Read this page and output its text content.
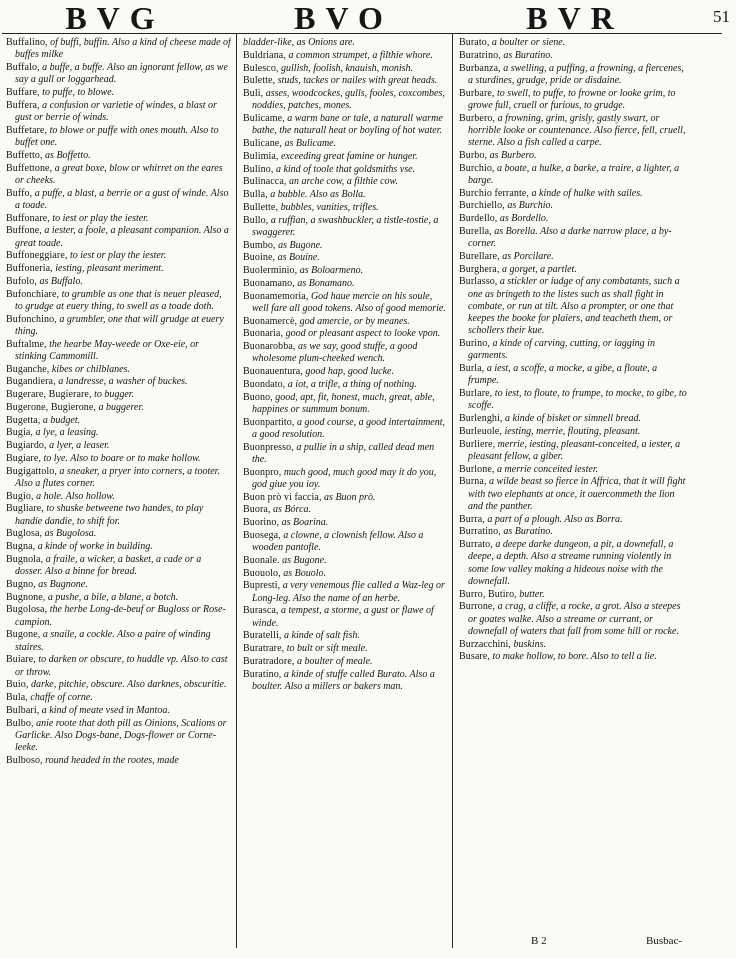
BVG	BVO	BVR	51
Buffalino, of buffi, buffin. Also a kind of cheese made of buffes milke
Buffalo, a buffe, a buffe. Also an ignorant fellow, as we say a gull or loggarhead.
Buffare, to puffe, to blowe.
Buffera, a confusion or varietie of windes, a blast or gust or berrie of winds.
Buffetare, to blowe or puffe with ones mouth. Also to buffet one.
Buffetto, as Boffetto.
Buffettone, a great boxe, blow or whirret on the eares or cheeks.
Buffo, a puffe, a blast, a berrie or a gust of winde. Also a toade.
Buffonare, to iest or play the iester.
Buffone, a iester, a foole, a pleasant companion. Also a great toade.
Buffoneggiare, to iest or play the iester.
Buffoneria, iesting, pleasant meriment.
Bufolo, as Buffalo.
Bufonchiare, to grumble as one that is neuer pleased, to grudge at euery thing, to swell as a toade doth.
Bufonchino, a grumbler, one that will grudge at euery thing.
Buftalme, the hearbe May-weede or Oxe-eie, or stinking Cammomill.
Buganche, kibes or chilblanes.
Bugandiera, a landresse, a washer of buckes.
Bugerare, Bugierare, to bugger.
Bugerone, Bugierone, a buggerer.
Bugetta, a budget.
Bugia, a lye, a leasing.
Bugiardo, a lyer, a leaser.
Bugiare, to lye. Also to boare or to make hollow.
Bugigattolo, a sneaker, a pryer into corners, a tooter. Also a flutes corner.
Bugio, a hole. Also hollow.
Bugliare, to shuske betweene two handes, to play handie dandie, to shift for.
Buglosa, as Bugolosa.
Bugna, a kinde of worke in building.
Bugnola, a fraile, a wicker, a basket, a cade or a dosser. Also a binne for bread.
Bugno, as Bugnone.
Bugnone, a pushe, a bile, a blane, a botch.
Bugolosa, the herbe Long-de-beuf or Bugloss or Rose-campion.
Bugone, a snaile, a cockle. Also a paire of winding staires.
Buiare, to darken or obscure, to huddle vp. Also to cast or throw.
Buio, darke, pitchie, obscure. Also darknes, obscuritie.
Bula, chaffe of corne.
Bulbari, a kind of meate vsed in Mantoa.
Bulbo, anie roote that doth pill as Oinions, Scalions or Garlicke. Also Dogs-bane, Dogs-flower or Corne-leeke.
Bulboso, round headed in the rootes, made
bladder-like, as Onions are.
Buldriana, a common strumpet, a filthie whore.
Bulesco, gullish, foolish, knauish, monish.
Bulette, studs, tackes or nailes with great heads.
Buli, asses, woodcockes, gulls, fooles, coxcombes, noddies, patches, mones.
Bulicame, a warm bane or tale, a naturall warme bathe, the naturall heat or boyling of hot water.
Bulicane, as Bulicame.
Bulimia, exceeding great famine or hunger.
Bulino, a kind of toole that goldsmiths vse.
Bulinacca, an arche cow, a filthie cow.
Bulla, a bubble. Also as Bolla.
Bullette, bubbles, vanities, trifles.
Bullo, a ruffian, a swashbuckler, a tistle-tostie, a swaggerer.
Bumbo, as Bugone.
Buoine, as Bouine.
Buolerminio, as Boloarmeno.
Buonamano, as Bonamano.
Buonamemoria, God haue mercie on his soule, well fare all good tokens. Also of good memorie.
Buonamercè, god amercie, or by meanes.
Buonaria, good or pleasant aspect to looke vpon.
Buonarobba, as we say, good stuffe, a good wholesome plum-cheeked wench.
Buonauentura, good hap, good lucke.
Buondato, a iot, a trifle, a thing of nothing.
Buono, good, apt, fit, honest, much, great, able, happines or summum bonum.
Buonpartito, a good course, a good intertainment, a good resolution.
Buonpresso, a pullie in a ship, called dead men the.
Buonpro, much good, much good may it do you, god giue you ioy.
Buon prò vi faccia, as Buon prò.
Buora, as Bórca.
Buorino, as Boarina.
Buosega, a clowne, a clownish fellow. Also a wooden pantofle.
Buonale. as Bugone.
Buouolo, as Bouolo.
Bupresti, a very venemous flie called a Waz-leg or Long-leg. Also the name of an herbe.
Burasca, a tempest, a storme, a gust or flawe of winde.
Buratelli, a kinde of salt fish.
Buratrare, to bult or sift meale.
Buratradore, a boulter of meale.
Buratino, a kinde of stuffe called Burato. Also a boulter. Also a millers or bakers man.
Burato, a boulter or siene.
Buratrino, as Buratino.
Burbanza, a swelling, a puffing, a frowning, a fiercenes, a sturdines, grudge, pride or disdaine.
Burbare, to swell, to puffe, to frowne or looke grim, to growe full, cruell or furious, to grudge.
Burbero, a frowning, grim, grisly, gastly swart, or horrible looke or countenance. Also fierce, fell, cruell, sterne. Also a fish called a carpe.
Burbo, as Burbero.
Burchio, a boate, a hulke, a barke, a traire, a lighter, a barge.
Burchio ferrante, a kinde of hulke with sailes.
Burchiello, as Burchio.
Burdello, as Bordello.
Burella, as Borella. Also a darke narrow place, a by-corner.
Burellare, as Porcilare.
Burghera, a gorget, a partlet.
Burlasso, a stickler or iudge of any combatants, such a one as bringeth to the listes such as shall fight in combate, or run at tilt. Also a prompter, or one that keepes the booke for plaiers, and teacheth them, or schollers their kue.
Burino, a kinde of carving, cutting, or iagging in garments.
Burla, a iest, a scoffe, a mocke, a gibe, a floute, a frumpe.
Burlare, to iest, to floute, to frumpe, to mocke, to gibe, to scoffe.
Burlenghi, a kinde of bisket or simnell bread.
Burleuole, iesting, merrie, flouting, pleasant.
Burliere, merrie, iesting, pleasant-conceited, a iester, a pleasant fellow, a giber.
Burlone, a merrie conceited iester.
Burna, a wilde beast so fierce in Affrica, that it will fight with two elephants at once, it ouercommeth the lion and the panther.
Burra, a part of a plough. Also as Borra.
Burratino, as Buratino.
Burrato, a deepe darke dungeon, a pit, a downefall, a deepe, a depth. Also a streame running violently in some low valley making a hideous noise with the downefall.
Burro, Butiro, butter.
Burrone, a crag, a cliffe, a rocke, a grot. Also a steepes or goates walke. Also a streame or currant, or downefall of waters that fall from some hill or rocke.
Burzacchini, buskins.
Busare, to make hollow, to bore. Also to tell a lie.
B 2	Busbac-
